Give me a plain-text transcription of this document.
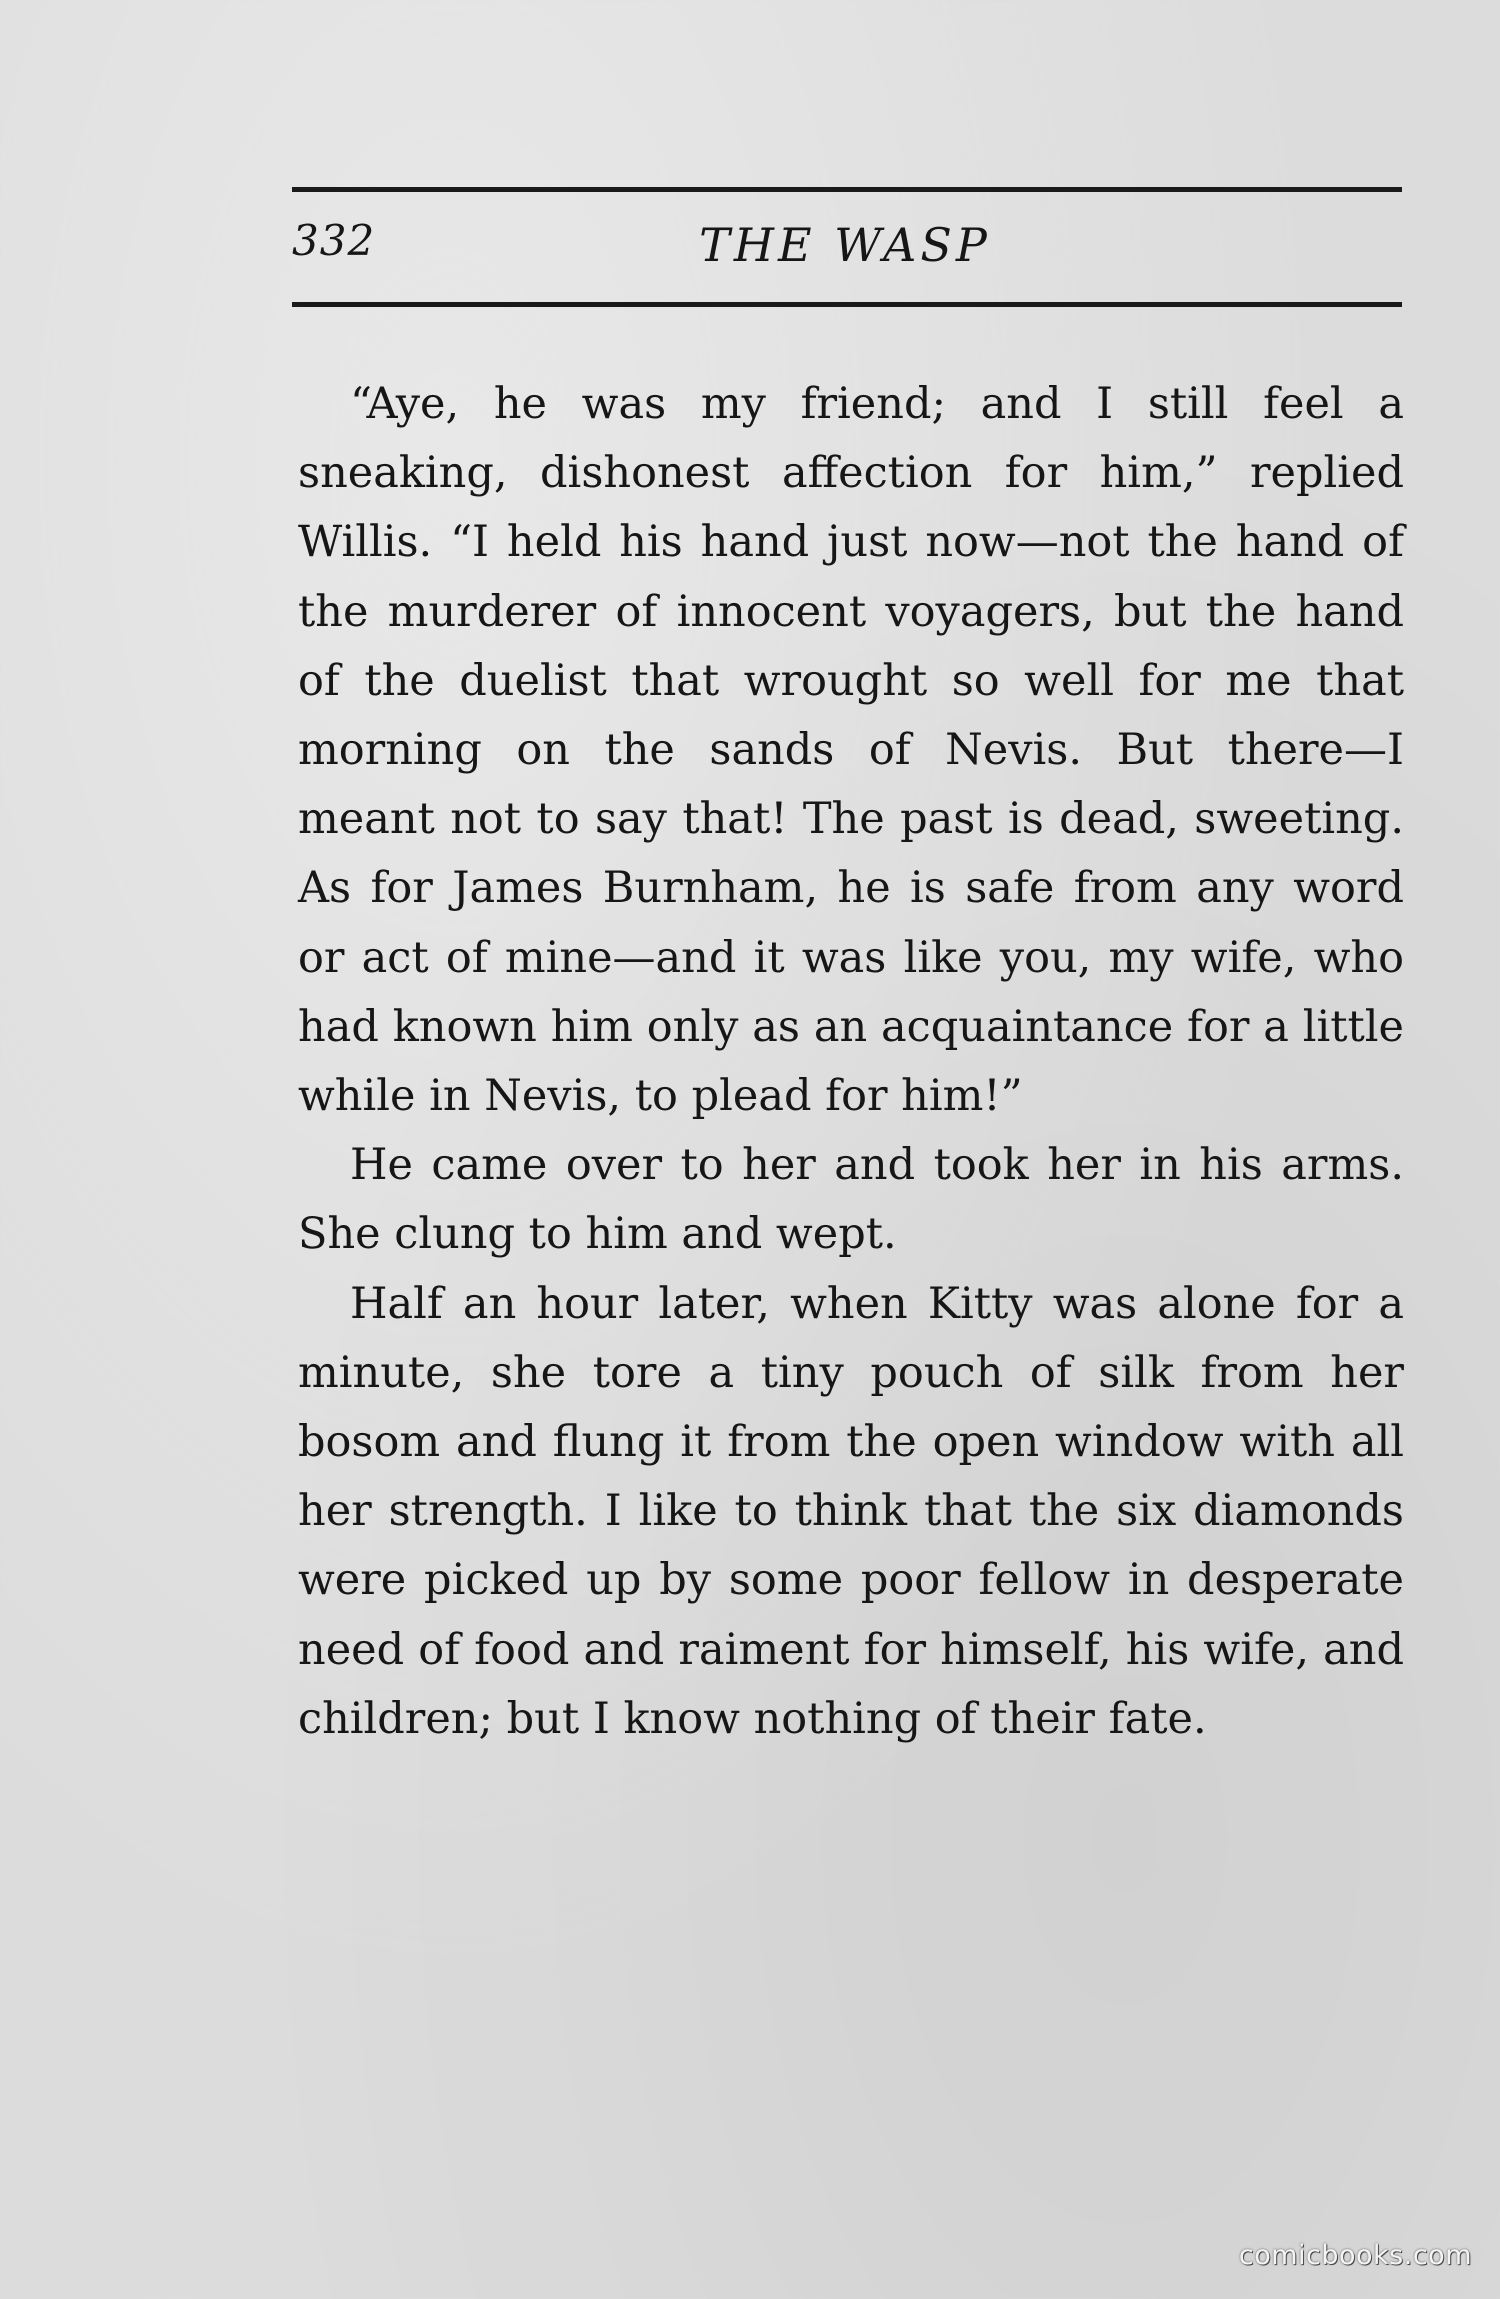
332	THE WASP

“Aye, he was my friend; and I still feel a sneaking, dishonest affection for him,” replied Willis. “I held his hand just now—not the hand of the murderer of innocent voyagers, but the hand of the duelist that wrought so well for me that morning on the sands of Nevis. But there—I meant not to say that! The past is dead, sweeting. As for James Burnham, he is safe from any word or act of mine—and it was like you, my wife, who had known him only as an acquaintance for a little while in Nevis, to plead for him!”

He came over to her and took her in his arms. She clung to him and wept.

Half an hour later, when Kitty was alone for a minute, she tore a tiny pouch of silk from her bosom and flung it from the open window with all her strength. I like to think that the six diamonds were picked up by some poor fellow in desperate need of food and raiment for himself, his wife, and children; but I know nothing of their fate.

comicbooks.com
